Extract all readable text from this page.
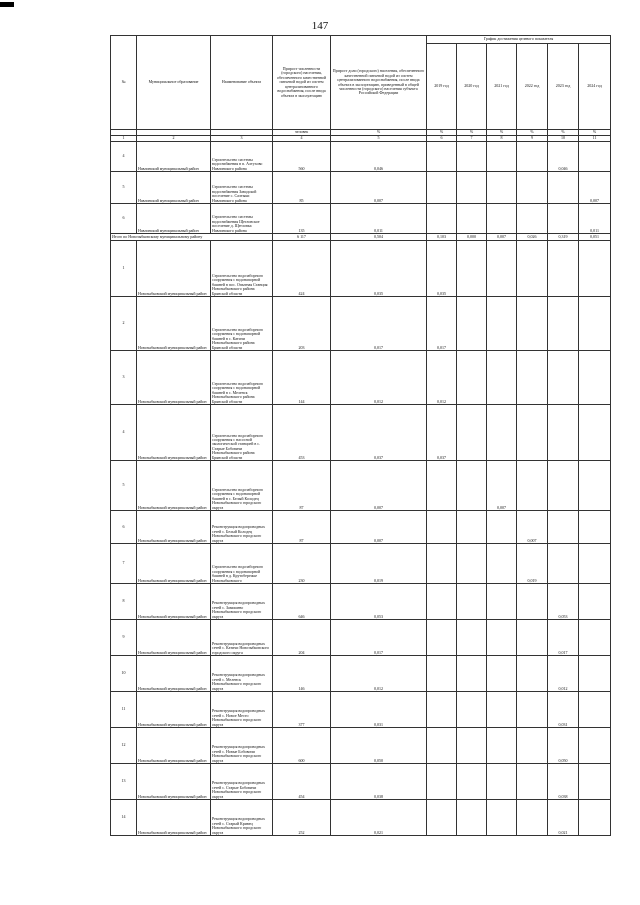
147
№	Муниципальное образование	Наименование объекта	Прирост численности (городского) населения, обеспеченного качественной питьевой водой из систем централизованного водоснабжения, после ввода объекта в эксплуатацию	Прирост доли (городского) населения, обеспеченного качественной питьевой водой из систем централизованного водоснабжения, после ввода объекта в эксплуатацию, приведенный в общей численности (городского) населения субъекта Российской Федерации	График достижения целевого показателя					
					2019 год	2020 год	2021 год	2022 год	2023 год	2024 год
			человек	%	%	%	%	%	%	%
1	2	3	4	5	6	7	8	9	10	11
4	Навлинский муниципальный район	Строительство системы водоснабжения в п. Алтухово Навлинского района	560	0,046					0,046	
5	Навлинский муниципальный район	Строительство системы водоснабжения Заводской поселение с. Салтыки Навлинского района	85	0,007						0,007
6	Навлинский муниципальный район	Строительство системы водоснабжения Щегловское поселение д. Щегловка Навлинского района	135	0,011						0,011
Итого по Новозыбковскому муниципальному району			6 117	0,504	0,103	0,000	0,007	0,026	0,319	0,051
1	Новозыбковский муниципальный район	Строительство водозаборного сооружения с водонапорной башней в пос. Опытная Станция Новозыбковского района Брянской области	424	0,035	0,035					
2	Новозыбковский муниципальный район	Строительство водозаборного сооружения с водонапорной башней в с. Катичи Новозыбковского района Брянской области	203	0,017	0,017					
3	Новозыбковский муниципальный район	Строительство водозаборного сооружения с водонапорной башней в с. Меленск Новозыбковского района Брянской области	144	0,012	0,012					
4	Новозыбковский муниципальный район	Строительство водозаборного сооружения с насосной экологической станцией в с. Старые Бобовичи Новозыбковского района Брянской области	453	0,037	0,037					
5	Новозыбковский муниципальный район	Строительство водозаборного сооружения с водонапорной башней в с. Белый Колодец Новозыбковского городского округа	87	0,007			0,007			
6	Новозыбковский муниципальный район	Реконструкция водопроводных сетей с. Белый Колодец Новозыбковского городского округа	87	0,007				0,007		
7	Новозыбковский муниципальный район	Строительство водозаборного сооружения с водонапорной башней в д. Крутобережье Новозыбковского	230	0,019				0,019		
8	Новозыбковский муниципальный район	Реконструкция водопроводных сетей с. Замишево Новозыбковского городского округа	646	0,053					0,053	
9	Новозыбковский муниципальный район	Реконструкция водопроводных сетей с. Катичи Новозыбковского городского округа	204	0,017					0,017	
10	Новозыбковский муниципальный район	Реконструкция водопроводных сетей с. Меленск Новозыбковского городского округа	146	0,012					0,012	
11	Новозыбковский муниципальный район	Реконструкция водопроводных сетей с. Новое Место Новозыбковского городского округа	377	0,031					0,031	
12	Новозыбковский муниципальный район	Реконструкция водопроводных сетей с. Новые Бобовичи Новозыбковского городского округа	600	0,050					0,050	
13	Новозыбковский муниципальный район	Реконструкция водопроводных сетей с. Старые Бобовичи Новозыбковского городского округа	454	0,038					0,038	
14	Новозыбковский муниципальный район	Реконструкция водопроводных сетей с. Старый Кривец Новозыбковского городского округа	252	0,021					0,021	
